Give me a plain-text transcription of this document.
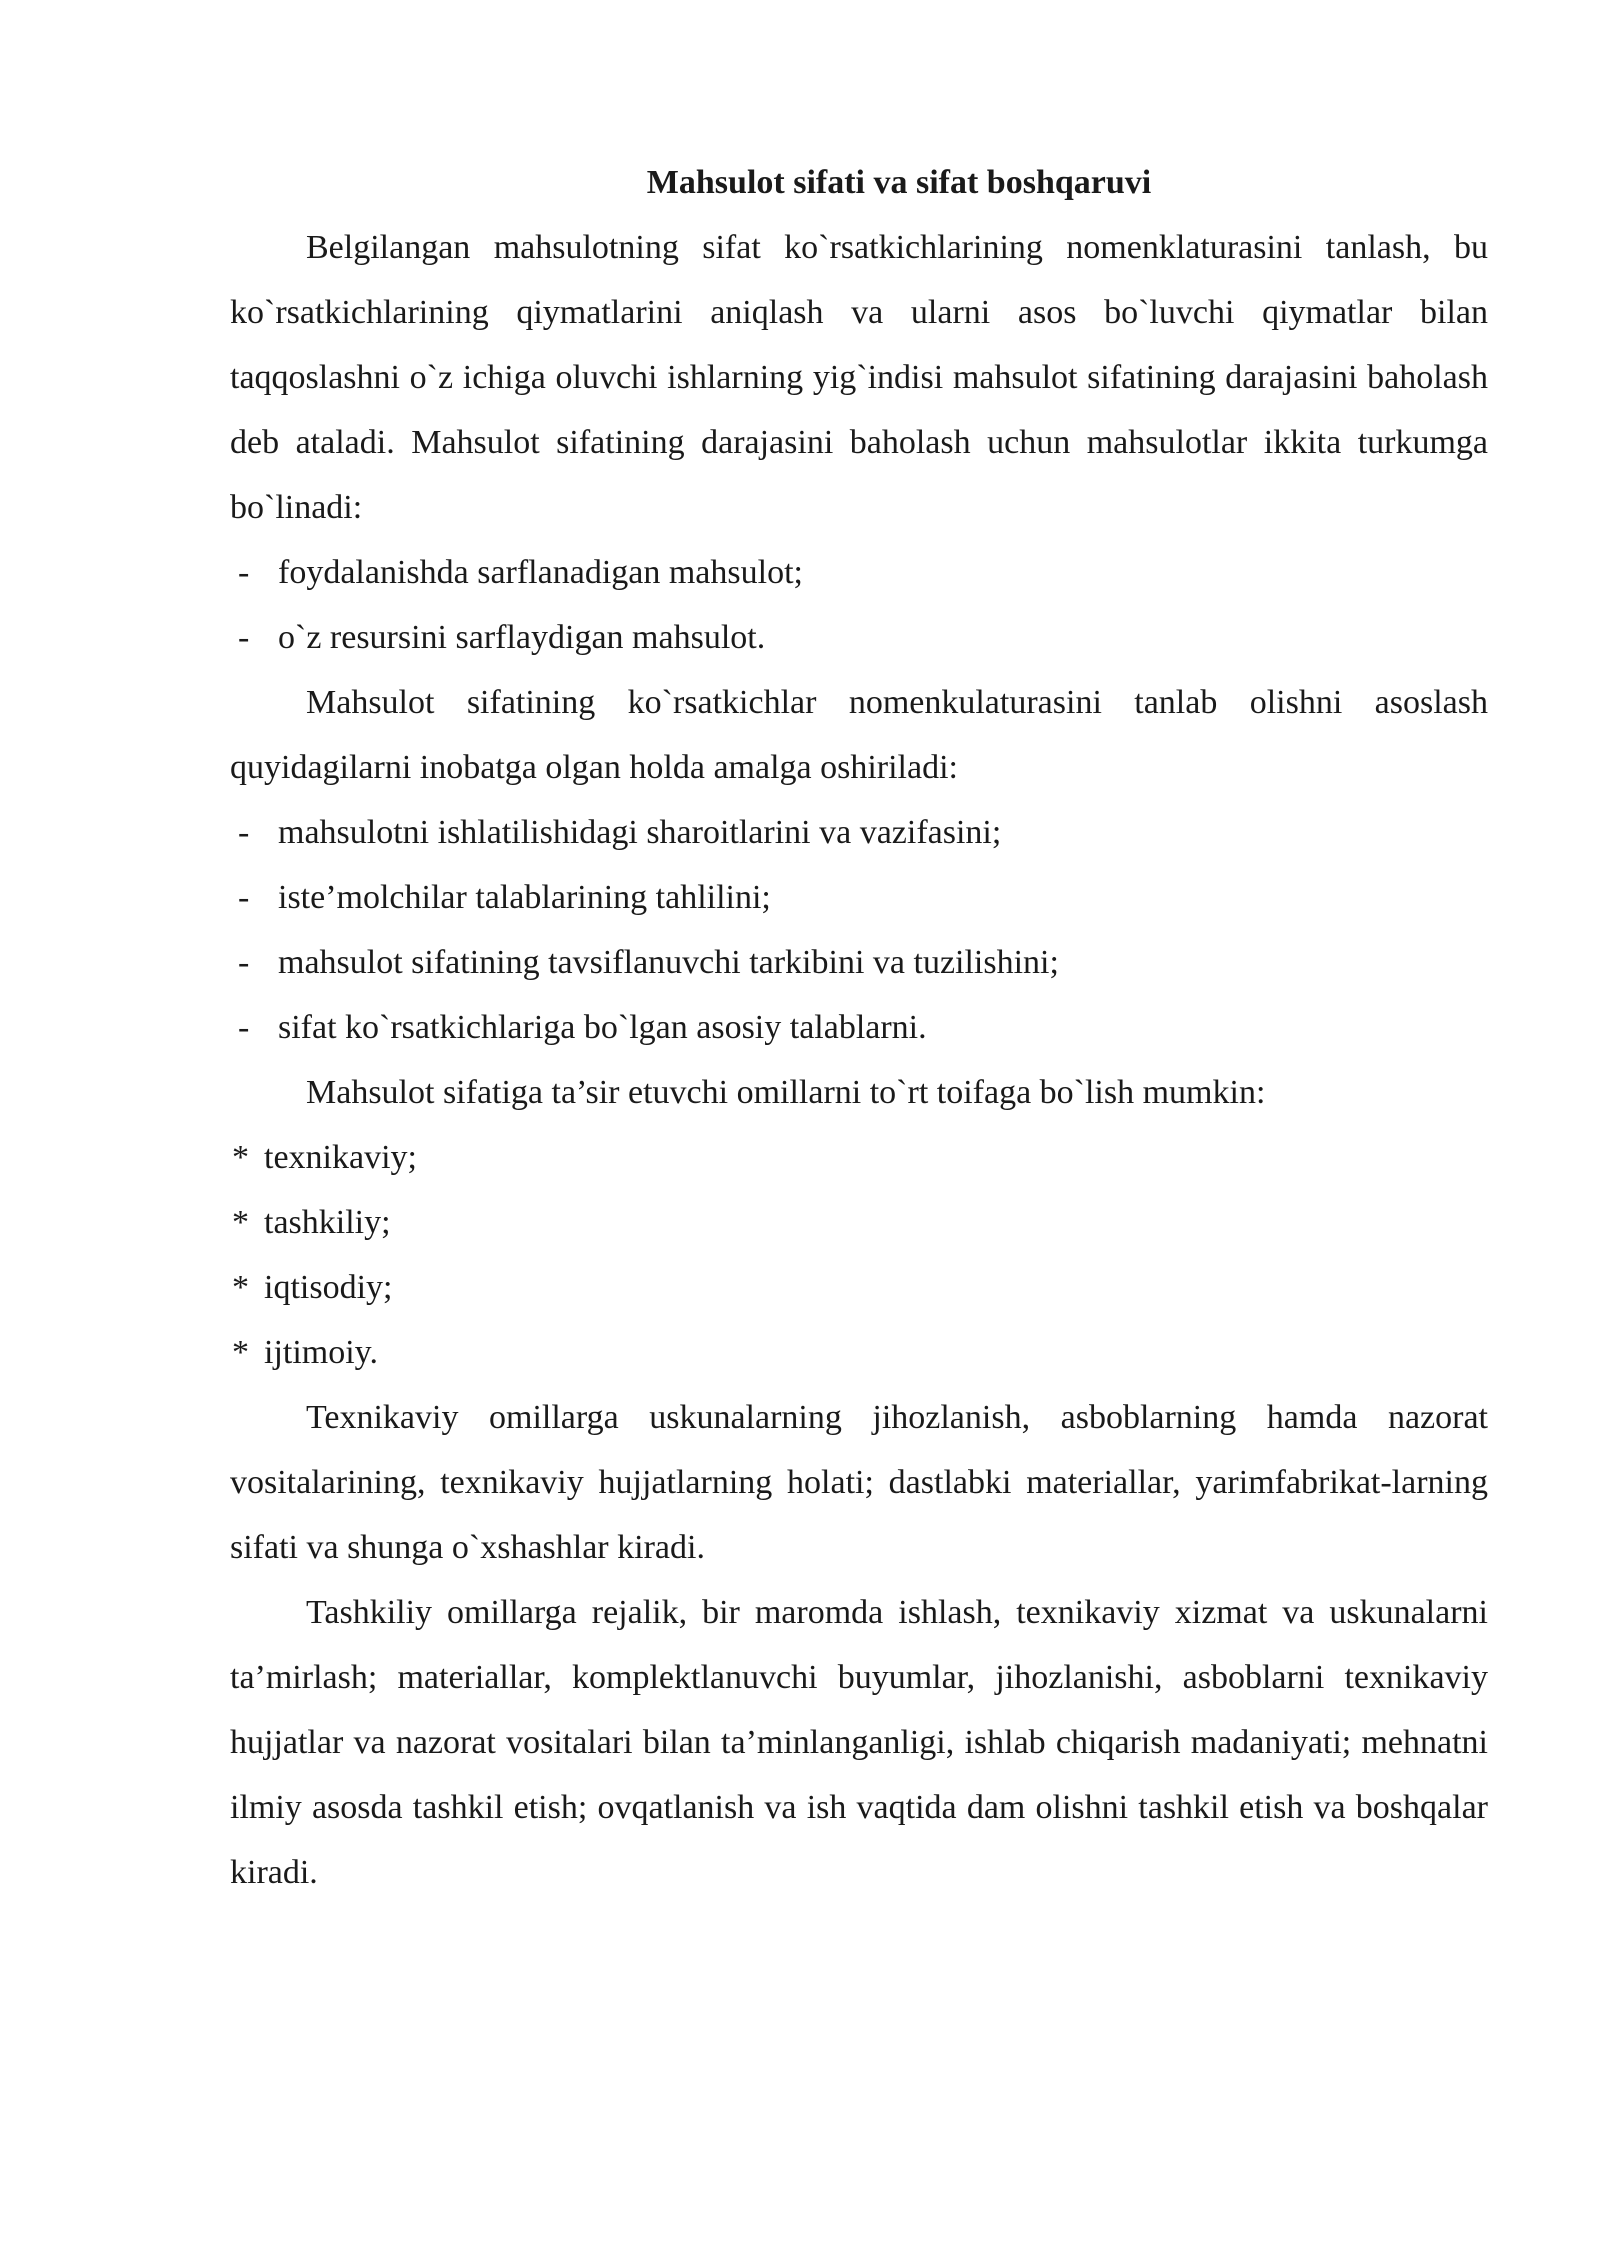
Mahsulot sifati va sifat boshqaruvi

Belgilangan mahsulotning sifat ko`rsatkichlarining nomenklaturasini tanlash, bu ko`rsatkichlarining qiymatlarini aniqlash va ularni asos bo`luvchi qiymatlar bilan taqqoslashni o`z ichiga oluvchi ishlarning yig`indisi mahsulot sifatining darajasini baholash deb ataladi. Mahsulot sifatining darajasini baholash uchun mahsulotlar ikkita turkumga bo`linadi:

- foydalanishda sarflanadigan mahsulot;
- o`z resursini sarflaydigan mahsulot.

Mahsulot sifatining ko`rsatkichlar nomenkulaturasini tanlab olishni asoslash quyidagilarni inobatga olgan holda amalga oshiriladi:

- mahsulotni ishlatilishidagi sharoitlarini va vazifasini;
- iste’molchilar talablarining tahlilini;
- mahsulot sifatining tavsiflanuvchi tarkibini va tuzilishini;
- sifat ko`rsatkichlariga bo`lgan asosiy talablarni.

Mahsulot sifatiga ta’sir etuvchi omillarni to`rt toifaga bo`lish mumkin:

* texnikaviy;
* tashkiliy;
* iqtisodiy;
* ijtimoiy.

Texnikaviy omillarga uskunalarning jihozlanish, asboblarning hamda nazorat vositalarining, texnikaviy hujjatlarning holati; dastlabki materiallar, yarimfabrikat-larning sifati va shunga o`xshashlar kiradi.

Tashkiliy omillarga rejalik, bir maromda ishlash, texnikaviy xizmat va uskunalarni ta’mirlash; materiallar, komplektlanuvchi buyumlar, jihozlanishi, asboblarni texnikaviy hujjatlar va nazorat vositalari bilan ta’minlanganligi, ishlab chiqarish madaniyati; mehnatni ilmiy asosda tashkil etish; ovqatlanish va ish vaqtida dam olishni tashkil etish va boshqalar kiradi.
